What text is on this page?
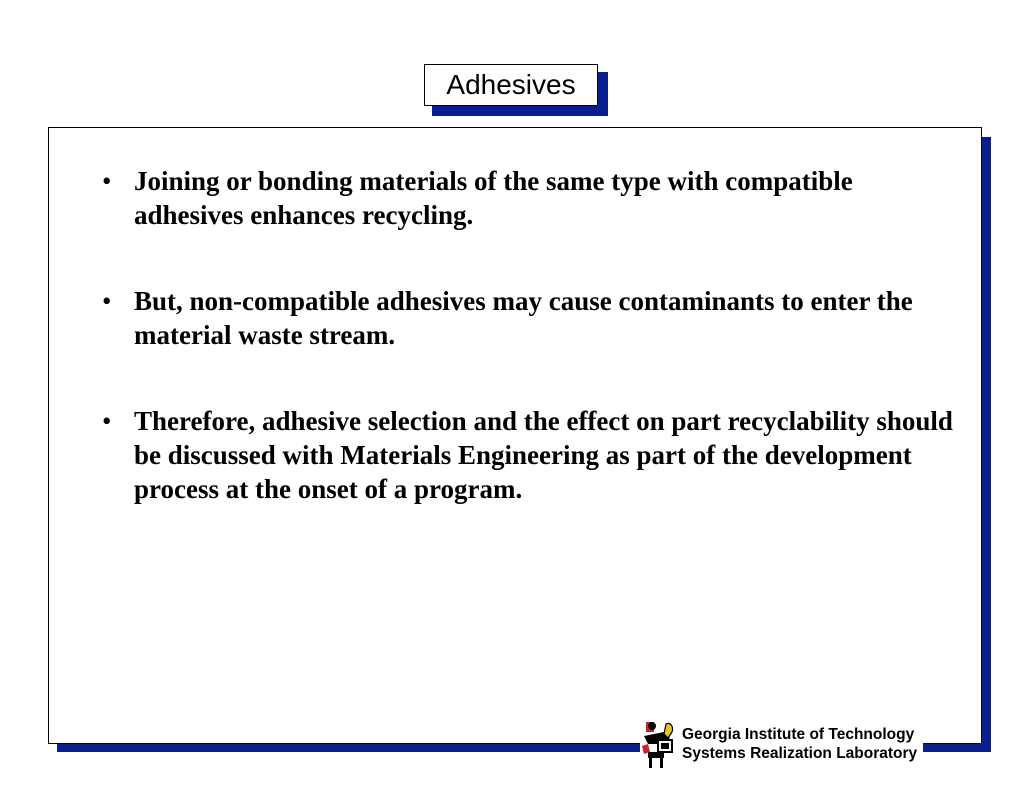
Adhesives
• Joining or bonding materials of the same type with compatible adhesives enhances recycling.
• But, non-compatible adhesives may cause contaminants to enter the material waste stream.
• Therefore, adhesive selection and the effect on part recyclability should be discussed with Materials Engineering as part of the development process at the onset of a program.
Georgia Institute of Technology
Systems Realization Laboratory
